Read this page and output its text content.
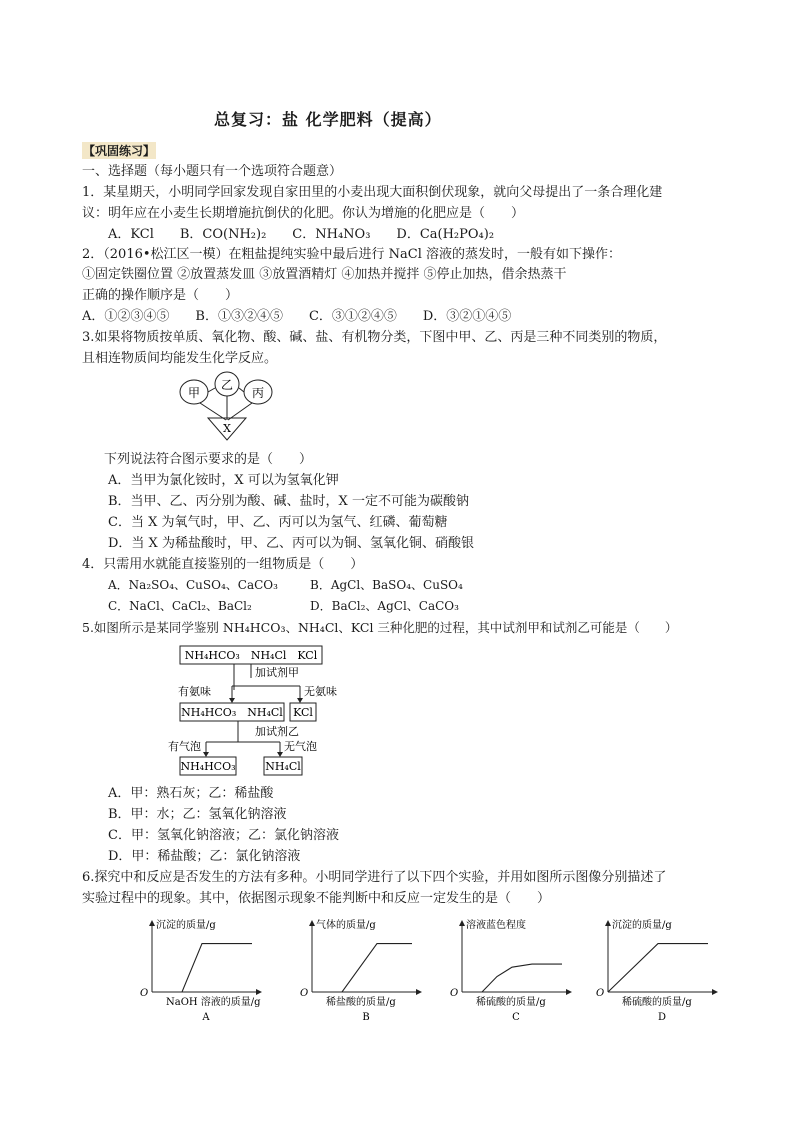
总复习：盐 化学肥料（提高）
【巩固练习】
一、选择题（每小题只有一个选项符合题意）
1．某星期天，小明同学回家发现自家田里的小麦出现大面积倒伏现象，就向父母提出了一条合理化建
议：明年应在小麦生长期增施抗倒伏的化肥。你认为增施的化肥应是（　　）
A．KCl　　B．CO(NH₂)₂　　C．NH₄NO₃　　D．Ca(H₂PO₄)₂
2．（2016•松江区一模）在粗盐提纯实验中最后进行 NaCl 溶液的蒸发时，一般有如下操作：
①固定铁圈位置 ②放置蒸发皿 ③放置酒精灯 ④加热并搅拌 ⑤停止加热，借余热蒸干
正确的操作顺序是（　　）
A．①②③④⑤　　B．①③②④⑤　　C．③①②④⑤　　D．③②①④⑤
3.如果将物质按单质、氧化物、酸、碱、盐、有机物分类，下图中甲、乙、丙是三种不同类别的物质，
且相连物质间均能发生化学反应。
甲
乙
丙
X
下列说法符合图示要求的是（　　）
A．当甲为氯化铵时，X 可以为氢氧化钾
B．当甲、乙、丙分别为酸、碱、盐时，X 一定不可能为碳酸钠
C．当 X 为氧气时，甲、乙、丙可以为氢气、红磷、葡萄糖
D．当 X 为稀盐酸时，甲、乙、丙可以为铜、氢氧化铜、硝酸银
4．只需用水就能直接鉴别的一组物质是（　　）
A．Na₂SO₄、CuSO₄、CaCO₃	B．AgCl、BaSO₄、CuSO₄
C．NaCl、CaCl₂、BaCl₂	D．BaCl₂、AgCl、CaCO₃
5.如图所示是某同学鉴别 NH₄HCO₃、NH₄Cl、KCl 三种化肥的过程，其中试剂甲和试剂乙可能是（　　）
NH₄HCO₃　NH₄Cl　KCl
加试剂甲
有氨味	无氨味
NH₄HCO₃　NH₄Cl KCl
加试剂乙
有气泡	无气泡
NH₄HCO₃	NH₄Cl
A．甲：熟石灰；乙：稀盐酸
B．甲：水；乙：氢氧化钠溶液
C．甲：氢氧化钠溶液；乙：氯化钠溶液
D．甲：稀盐酸；乙：氯化钠溶液
6.探究中和反应是否发生的方法有多种。小明同学进行了以下四个实验，并用如图所示图像分别描述了
实验过程中的现象。其中，依据图示现象不能判断中和反应一定发生的是（　　）
沉淀的质量/g
O
NaOH 溶液的质量/g
A
气体的质量/g
O
稀盐酸的质量/g
B
溶液蓝色程度
O
稀硫酸的质量/g
C
沉淀的质量/g
O
稀硫酸的质量/g
D
